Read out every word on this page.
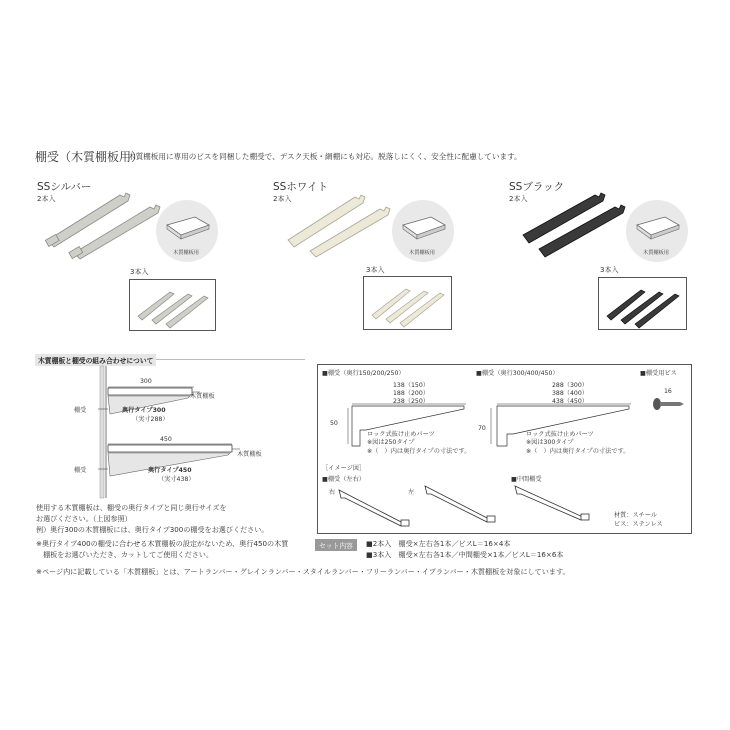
棚受（木質棚板用）
木質棚板用に専用のビスを同梱した棚受で、デスク天板・網棚にも対応。脱落しにくく、安全性に配慮しています。
SSシルバー
2本入
木質棚板用
3本入
SSホワイト
2本入
木質棚板用
3本入
SSブラック
2本入
木質棚板用
3本入
木質棚板と棚受の組み合わせについて
300
木質棚板
棚受	奥行タイプ300
（実寸288）
450
木質棚板
棚受	奥行タイプ450
（実寸438）
使用する木質棚板は、棚受の奥行タイプと同じ奥行サイズを
お選びください。（上図参照）
例）奥行300の木質棚板には、奥行タイプ300の棚受をお選びください。
※奥行タイプ400の棚受に合わせる木質棚板の設定がないため、奥行450の木質
　棚板をお選びいただき、カットしてご使用ください。
■棚受（奥行150/200/250）
138（150）
188（200）
238（250）
50
ロック式抜け止めパーツ
※図は250タイプ
※（　）内は奥行タイプの寸法です。
■棚受（奥行300/400/450）
288（300）
388（400）
438（450）
70
ロック式抜け止めパーツ
※図は300タイプ
※（　）内は奥行タイプの寸法です。
■棚受用ビス
16
［イメージ図］
■棚受（左右）
右	左
■中間棚受
材質：スチール
ビス：ステンレス
セット内容	■2本入　棚受×左右各1本／ビスL＝16×4本
■3本入　棚受×左右各1本／中間棚受×1本／ビスL＝16×6本
※ページ内に記載している「木質棚板」とは、アートランバー・グレインランバー・スタイルランバー・フリーランバー・イブランバー・木質棚板を対象にしています。
